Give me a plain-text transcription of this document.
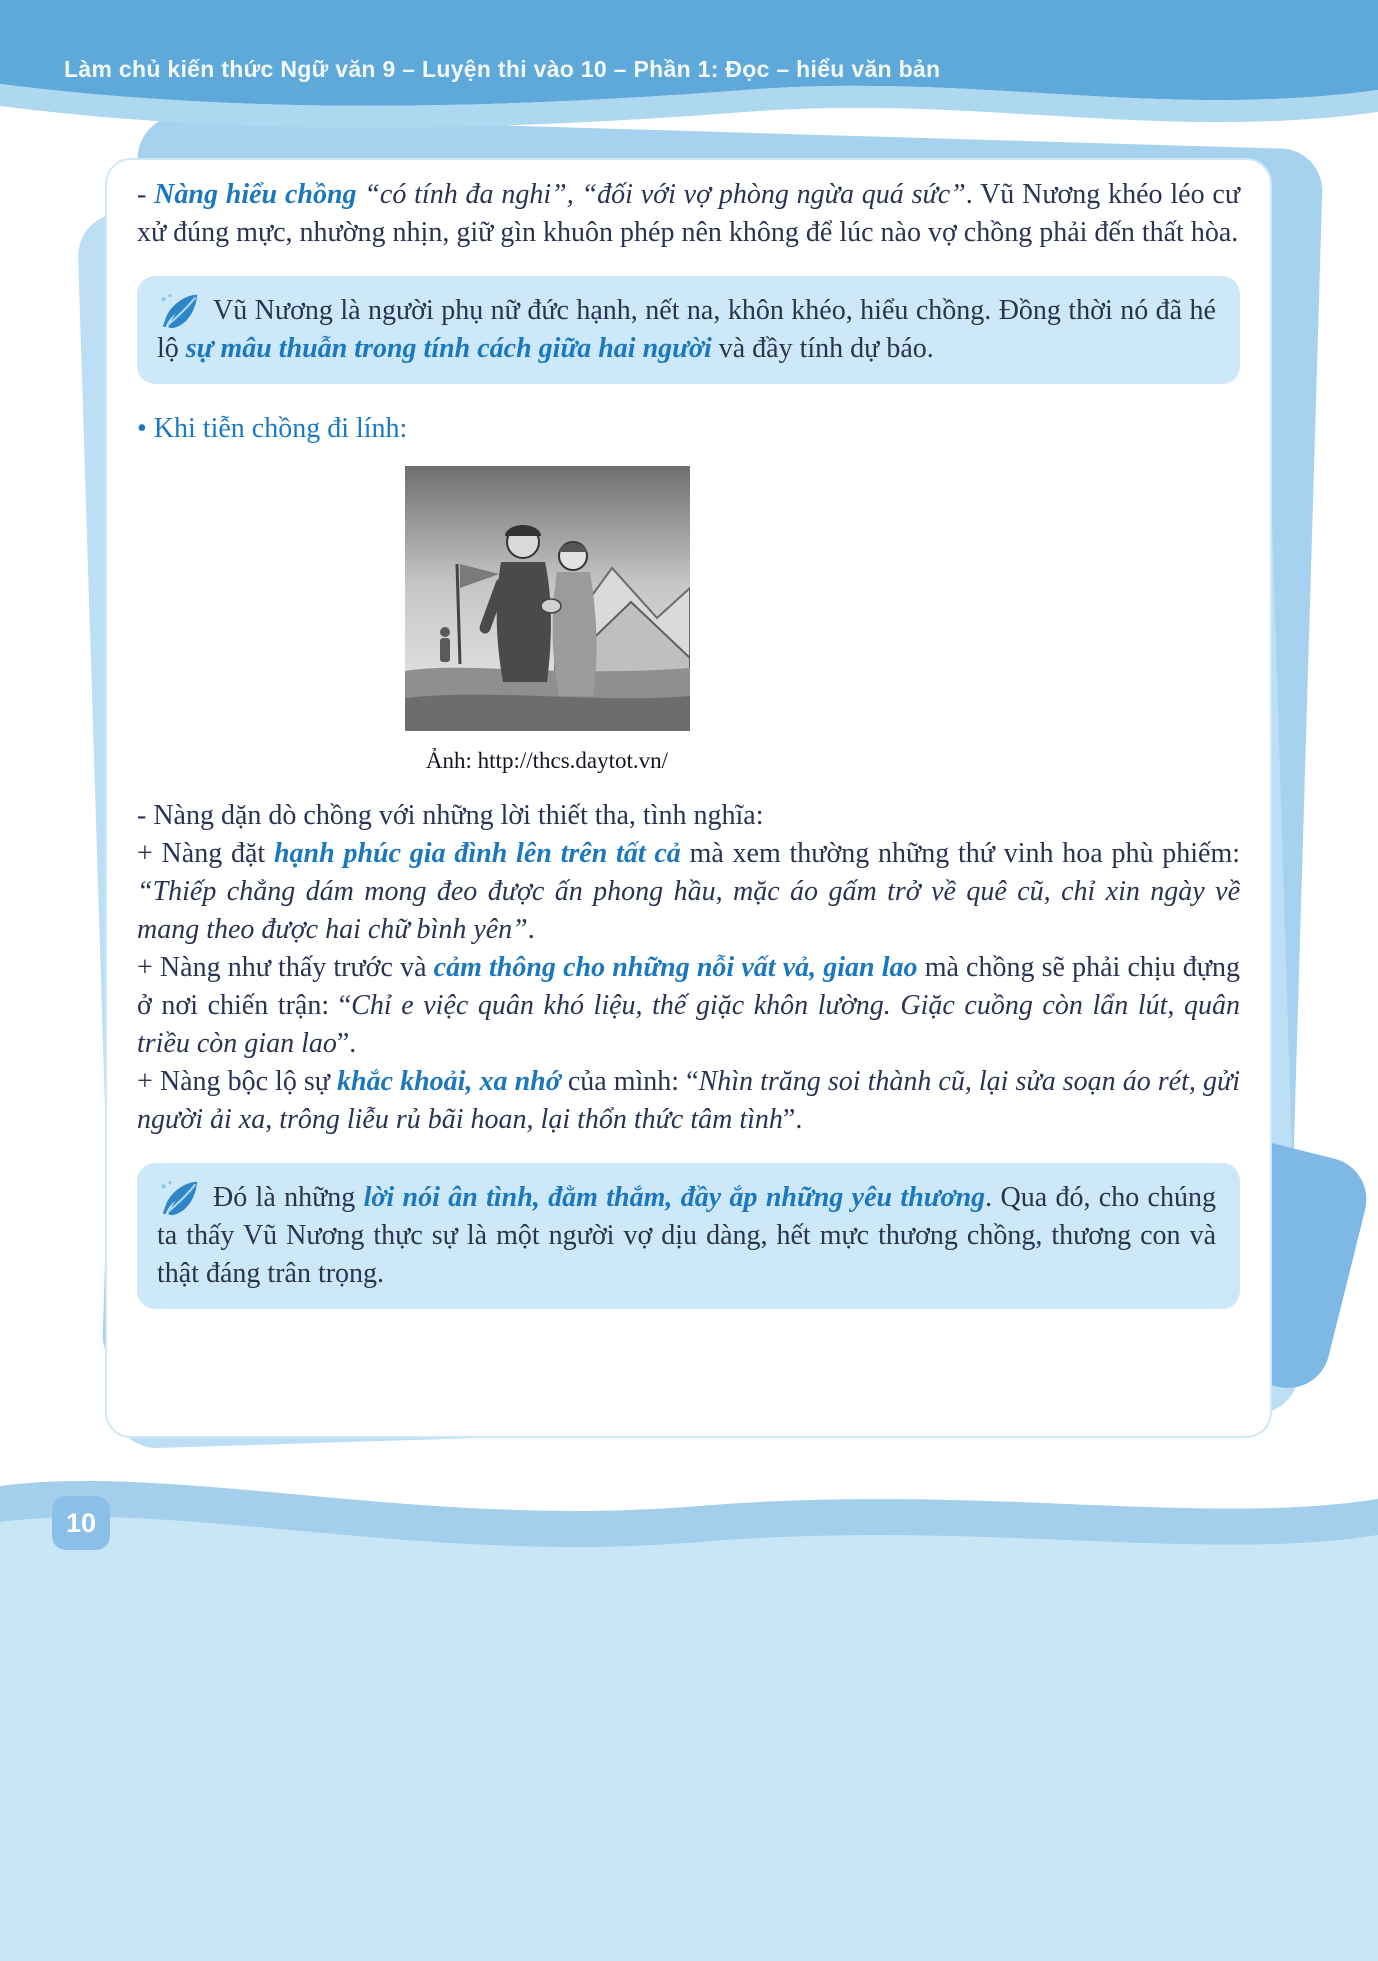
Làm chủ kiến thức Ngữ văn 9 – Luyện thi vào 10 – Phần 1: Đọc – hiểu văn bản

- Nàng hiểu chồng “có tính đa nghi”, “đối với vợ phòng ngừa quá sức”. Vũ Nương khéo léo cư xử đúng mực, nhường nhịn, giữ gìn khuôn phép nên không để lúc nào vợ chồng phải đến thất hòa.

Vũ Nương là người phụ nữ đức hạnh, nết na, khôn khéo, hiểu chồng. Đồng thời nó đã hé lộ sự mâu thuẫn trong tính cách giữa hai người và đầy tính dự báo.

• Khi tiễn chồng đi lính:

Ảnh: http://thcs.daytot.vn/

- Nàng dặn dò chồng với những lời thiết tha, tình nghĩa:

+ Nàng đặt hạnh phúc gia đình lên trên tất cả mà xem thường những thứ vinh hoa phù phiếm: “Thiếp chẳng dám mong đeo được ấn phong hầu, mặc áo gấm trở về quê cũ, chỉ xin ngày về mang theo được hai chữ bình yên”.

+ Nàng như thấy trước và cảm thông cho những nỗi vất vả, gian lao mà chồng sẽ phải chịu đựng ở nơi chiến trận: “Chỉ e việc quân khó liệu, thế giặc khôn lường. Giặc cuồng còn lẩn lút, quân triều còn gian lao”.

+ Nàng bộc lộ sự khắc khoải, xa nhớ của mình: “Nhìn trăng soi thành cũ, lại sửa soạn áo rét, gửi người ải xa, trông liễu rủ bãi hoan, lại thổn thức tâm tình”.

Đó là những lời nói ân tình, đằm thắm, đầy ắp những yêu thương. Qua đó, cho chúng ta thấy Vũ Nương thực sự là một người vợ dịu dàng, hết mực thương chồng, thương con và thật đáng trân trọng.
10
